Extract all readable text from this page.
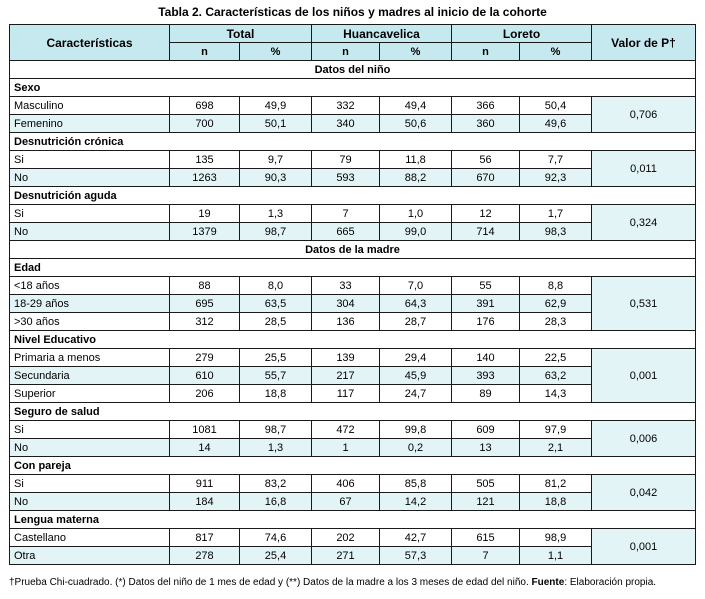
Tabla 2. Características de los niños y madres al inicio de la cohorte
Características	Total		Huancavelica		Loreto		Valor de P†
	n	%	n	%	n	%	
Datos del niño							
Sexo							
Masculino	698	49,9	332	49,4	366	50,4	0,706
Femenino	700	50,1	340	50,6	360	49,6	
Desnutrición crónica							
Si	135	9,7	79	11,8	56	7,7	0,011
No	1263	90,3	593	88,2	670	92,3	
Desnutrición aguda							
Si	19	1,3	7	1,0	12	1,7	0,324
No	1379	98,7	665	99,0	714	98,3	
Datos de la madre							
Edad							
<18 años	88	8,0	33	7,0	55	8,8	0,531
18-29 años	695	63,5	304	64,3	391	62,9	
>30 años	312	28,5	136	28,7	176	28,3	
Nivel Educativo							
Primaria a menos	279	25,5	139	29,4	140	22,5	0,001
Secundaria	610	55,7	217	45,9	393	63,2	
Superior	206	18,8	117	24,7	89	14,3	
Seguro de salud							
Si	1081	98,7	472	99,8	609	97,9	0,006
No	14	1,3	1	0,2	13	2,1	
Con pareja							
Si	911	83,2	406	85,8	505	81,2	0,042
No	184	16,8	67	14,2	121	18,8	
Lengua materna							
Castellano	817	74,6	202	42,7	615	98,9	0,001
Otra	278	25,4	271	57,3	7	1,1	
†Prueba Chi-cuadrado. (*) Datos del niño de 1 mes de edad y (**) Datos de la madre a los 3 meses de edad del niño. Fuente: Elaboración propia.
